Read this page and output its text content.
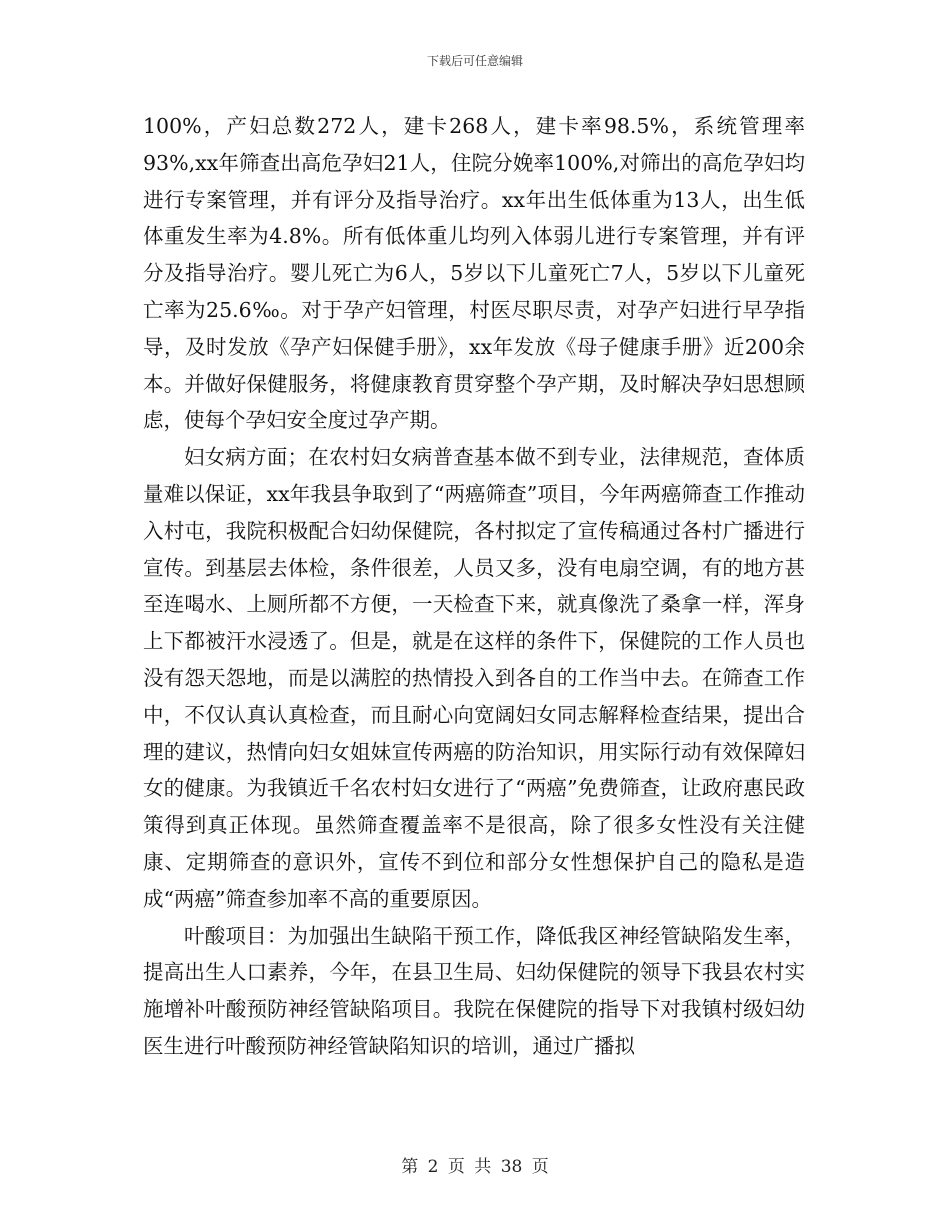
下载后可任意编辑

100%，产妇总数272人，建卡268人，建卡率98.5%，系统管理率93%,xx年筛查出高危孕妇21人，住院分娩率100%,对筛出的高危孕妇均进行专案管理，并有评分及指导治疗。xx年出生低体重为13人，出生低体重发生率为4.8%。所有低体重儿均列入体弱儿进行专案管理，并有评分及指导治疗。婴儿死亡为6人，5岁以下儿童死亡7人，5岁以下儿童死亡率为25.6‰。对于孕产妇管理，村医尽职尽责，对孕产妇进行早孕指导，及时发放《孕产妇保健手册》，xx年发放《母子健康手册》近200余本。并做好保健服务，将健康教育贯穿整个孕产期，及时解决孕妇思想顾虑，使每个孕妇安全度过孕产期。

妇女病方面；在农村妇女病普查基本做不到专业，法律规范，查体质量难以保证，xx年我县争取到了“两癌筛查”项目，今年两癌筛查工作推动入村屯，我院积极配合妇幼保健院，各村拟定了宣传稿通过各村广播进行宣传。到基层去体检，条件很差，人员又多，没有电扇空调，有的地方甚至连喝水、上厕所都不方便，一天检查下来，就真像洗了桑拿一样，浑身上下都被汗水浸透了。但是，就是在这样的条件下，保健院的工作人员也没有怨天怨地，而是以满腔的热情投入到各自的工作当中去。在筛查工作中，不仅认真认真检查，而且耐心向宽阔妇女同志解释检查结果，提出合理的建议，热情向妇女姐妹宣传两癌的防治知识，用实际行动有效保障妇女的健康。为我镇近千名农村妇女进行了“两癌”免费筛查，让政府惠民政策得到真正体现。虽然筛查覆盖率不是很高，除了很多女性没有关注健康、定期筛查的意识外，宣传不到位和部分女性想保护自己的隐私是造成“两癌”筛查参加率不高的重要原因。

叶酸项目：为加强出生缺陷干预工作，降低我区神经管缺陷发生率，提高出生人口素养，今年，在县卫生局、妇幼保健院的领导下我县农村实施增补叶酸预防神经管缺陷项目。我院在保健院的指导下对我镇村级妇幼医生进行叶酸预防神经管缺陷知识的培训，通过广播拟

第 2 页 共 38 页
